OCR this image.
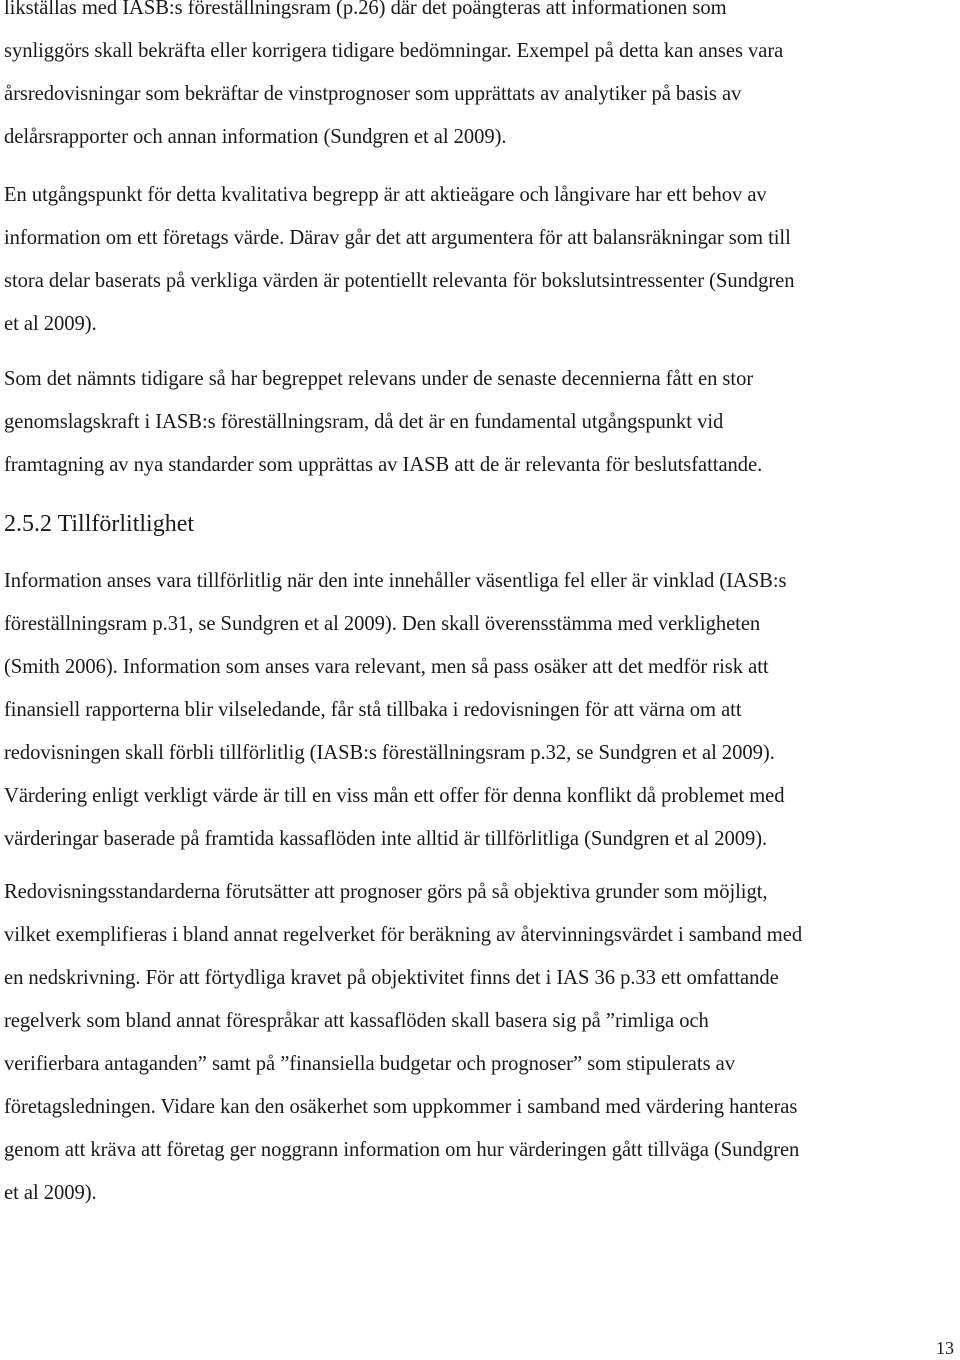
likställas med IASB:s föreställningsram (p.26) där det poängteras att informationen som
synliggörs skall bekräfta eller korrigera tidigare bedömningar. Exempel på detta kan anses vara
årsredovisningar som bekräftar de vinstprognoser som upprättats av analytiker på basis av
delårsrapporter och annan information (Sundgren et al 2009).

En utgångspunkt för detta kvalitativa begrepp är att aktieägare och långivare har ett behov av
information om ett företags värde. Därav går det att argumentera för att balansräkningar som till
stora delar baserats på verkliga värden är potentiellt relevanta för bokslutsintressenter (Sundgren
et al 2009).

Som det nämnts tidigare så har begreppet relevans under de senaste decennierna fått en stor
genomslagskraft i IASB:s föreställningsram, då det är en fundamental utgångspunkt vid
framtagning av nya standarder som upprättas av IASB att de är relevanta för beslutsfattande.

2.5.2 Tillförlitlighet

Information anses vara tillförlitlig när den inte innehåller väsentliga fel eller är vinklad (IASB:s
föreställningsram p.31, se Sundgren et al 2009). Den skall överensstämma med verkligheten
(Smith 2006). Information som anses vara relevant, men så pass osäker att det medför risk att
finansiell rapporterna blir vilseledande, får stå tillbaka i redovisningen för att värna om att
redovisningen skall förbli tillförlitlig (IASB:s föreställningsram p.32, se Sundgren et al 2009).
Värdering enligt verkligt värde är till en viss mån ett offer för denna konflikt då problemet med
värderingar baserade på framtida kassaflöden inte alltid är tillförlitliga (Sundgren et al 2009).

Redovisningsstandarderna förutsätter att prognoser görs på så objektiva grunder som möjligt,
vilket exemplifieras i bland annat regelverket för beräkning av återvinningsvärdet i samband med
en nedskrivning. För att förtydliga kravet på objektivitet finns det i IAS 36 p.33 ett omfattande
regelverk som bland annat förespråkar att kassaflöden skall basera sig på ”rimliga och
verifierbara antaganden” samt på ”finansiella budgetar och prognoser” som stipulerats av
företagsledningen. Vidare kan den osäkerhet som uppkommer i samband med värdering hanteras
genom att kräva att företag ger noggrann information om hur värderingen gått tillväga (Sundgren
et al 2009).

13
